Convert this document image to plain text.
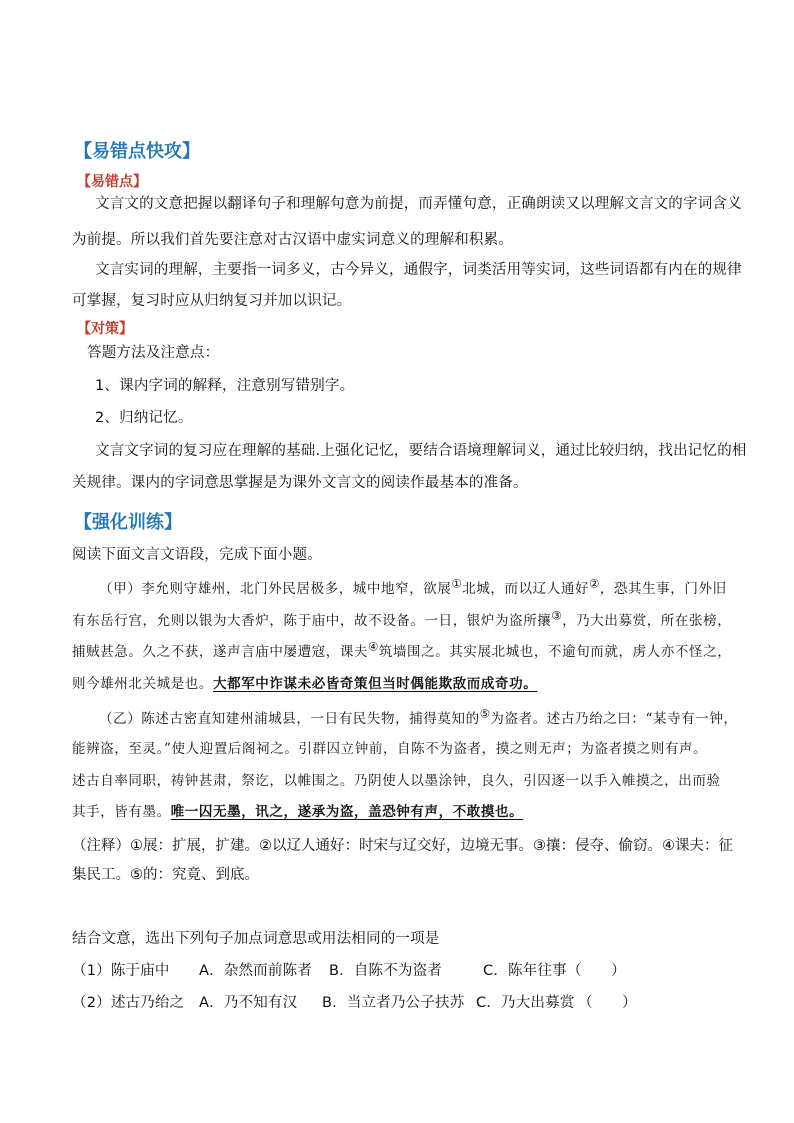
【易错点快攻】
【易错点】
文言文的文意把握以翻译句子和理解句意为前提，而弄懂句意，正确朗读又以理解文言文的字词含义
为前提。所以我们首先要注意对古汉语中虚实词意义的理解和积累。
文言实词的理解，主要指一词多义，古今异义，通假字，词类活用等实词，这些词语都有内在的规律
可掌握，复习时应从归纳复习并加以识记。
【对策】
答题方法及注意点：
1、课内字词的解释，注意别写错别字。
2、归纳记忆。
文言文字词的复习应在理解的基础.上强化记忆，要结合语境理解词义，通过比较归纳，找出记忆的相
关规律。课内的字词意思掌握是为课外文言文的阅读作最基本的准备。
【强化训练】
阅读下面文言文语段，完成下面小题。
（甲）李允则守雄州，北门外民居极多，城中地窄，欲展①北城，而以辽人通好②，恐其生事，门外旧
有东岳行宫，允则以银为大香炉，陈于庙中，故不设备。一日，银炉为盗所攘③，乃大出募赏，所在张榜，
捕贼甚急。久之不获，遂声言庙中屡遭寇，课夫④筑墙围之。其实展北城也，不逾旬而就，虏人亦不怪之，
则今雄州北关城是也。大都军中诈谋未必皆奇策但当时偶能欺敌而成奇功。
（乙）陈述古密直知建州浦城县，一日有民失物，捕得莫知的⑤为盗者。述古乃绐之曰：“某寺有一钟，
能辨盗，至灵。”使人迎置后阁祠之。引群囚立钟前，自陈不为盗者，摸之则无声；为盗者摸之则有声。
述古自率同职，祷钟甚肃，祭讫，以帷围之。乃阴使人以墨涂钟，良久，引囚逐一以手入帷摸之，出而验
其手，皆有墨。唯一囚无墨，讯之，遂承为盗，盖恐钟有声，不敢摸也。
（注释）①展：扩展，扩建。②以辽人通好：时宋与辽交好，边境无事。③攘：侵夺、偷窃。④课夫：征
集民工。⑤的：究竟、到底。
结合文意，选出下列句子加点词意思或用法相同的一项是
（1）陈于庙中 A．杂然而前陈者 B．自陈不为盗者	C．陈年往事 （　　）
（2）述古乃绐之 A．乃不知有汉 B．当立者乃公子扶苏 C．乃大出募赏 （　　）
